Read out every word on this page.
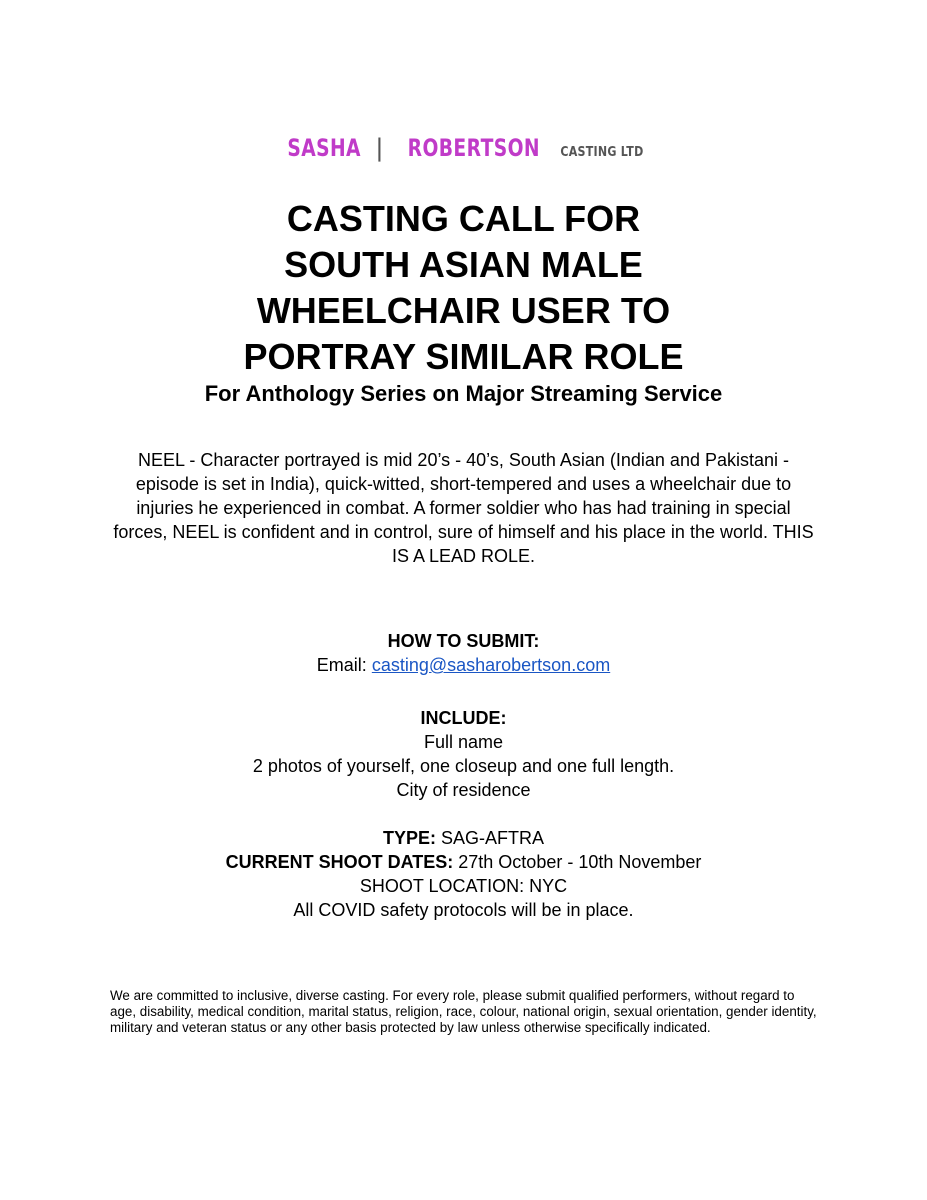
SASHA | ROBERTSON CASTING LTD
CASTING CALL FOR
SOUTH ASIAN MALE
WHEELCHAIR USER TO
PORTRAY SIMILAR ROLE
For Anthology Series on Major Streaming Service
NEEL - Character portrayed is mid 20’s - 40’s, South Asian (Indian and Pakistani - episode is set in India), quick-witted, short-tempered and uses a wheelchair due to injuries he experienced in combat. A former soldier who has had training in special forces, NEEL is confident and in control, sure of himself and his place in the world. THIS IS A LEAD ROLE.
HOW TO SUBMIT:
Email: casting@sasharobertson.com
INCLUDE:
Full name
2 photos of yourself, one closeup and one full length.
City of residence
TYPE: SAG-AFTRA
CURRENT SHOOT DATES: 27th October - 10th November
SHOOT LOCATION: NYC
All COVID safety protocols will be in place.
We are committed to inclusive, diverse casting. For every role, please submit qualified performers, without regard to age, disability, medical condition, marital status, religion, race, colour, national origin, sexual orientation, gender identity, military and veteran status or any other basis protected by law unless otherwise specifically indicated.
